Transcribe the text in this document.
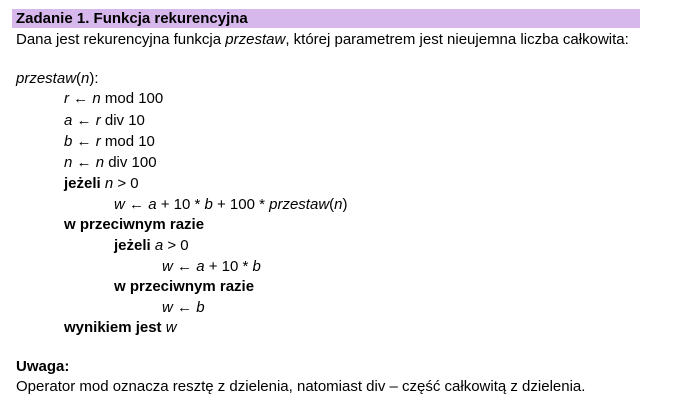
Zadanie 1. Funkcja rekurencyjna
Dana jest rekurencyjna funkcja przestaw, której parametrem jest nieujemna liczba całkowita:
przestaw(n):
r ← n mod 100
a ← r div 10
b ← r mod 10
n ← n div 100
jeżeli n > 0
w ← a + 10 * b + 100 * przestaw(n)
w przeciwnym razie
jeżeli a > 0
w ← a + 10 * b
w przeciwnym razie
w ← b
wynikiem jest w
Uwaga:
Operator mod oznacza resztę z dzielenia, natomiast div – część całkowitą z dzielenia.
